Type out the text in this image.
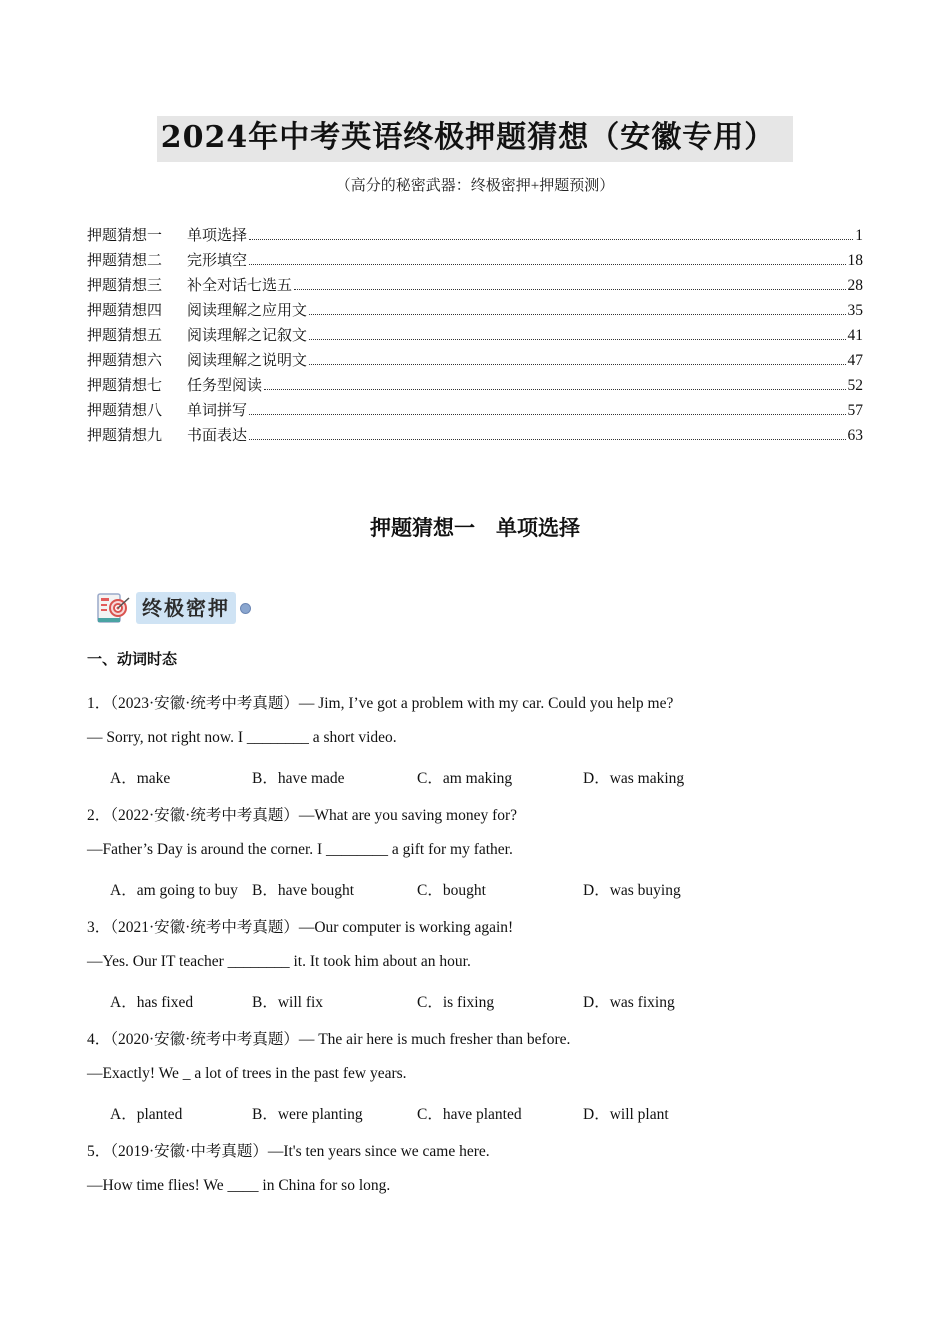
2024年中考英语终极押题猜想（安徽专用）
（高分的秘密武器：终极密押+押题预测）
押题猜想一	单项选择	1
押题猜想二	完形填空	18
押题猜想三	补全对话七选五	28
押题猜想四	阅读理解之应用文	35
押题猜想五	阅读理解之记叙文	41
押题猜想六	阅读理解之说明文	47
押题猜想七	任务型阅读	52
押题猜想八	单词拼写	57
押题猜想九	书面表达	63
押题猜想一　单项选择
终极密押
一、动词时态
1．（2023·安徽·统考中考真题）— Jim, I’ve got a problem with my car. Could you help me?
— Sorry, not right now. I ________ a short video.
A．make	B．have made	C．am making	D．was making
2．（2022·安徽·统考中考真题）—What are you saving money for?
—Father’s Day is around the corner. I ________ a gift for my father.
A．am going to buy B．have bought	C．bought	D．was buying
3．（2021·安徽·统考中考真题）—Our computer is working again!
—Yes. Our IT teacher ________ it. It took him about an hour.
A．has fixed	B．will fix	C．is fixing	D．was fixing
4．（2020·安徽·统考中考真题）— The air here is much fresher than before.
—Exactly! We _ a lot of trees in the past few years.
A．planted	B．were planting	C．have planted	D．will plant
5．（2019·安徽·中考真题）—It's ten years since we came here.
—How time flies! We ____ in China for so long.
